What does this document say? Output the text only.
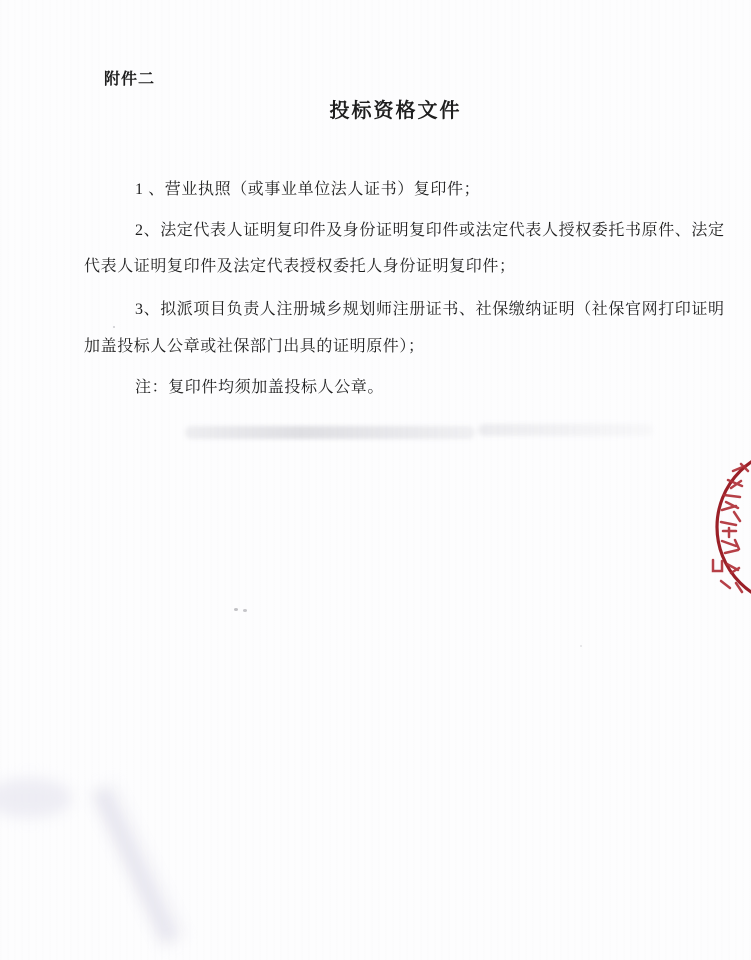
附件二
投标资格文件
1 、营业执照（或事业单位法人证书）复印件；
2、法定代表人证明复印件及身份证明复印件或法定代表人授权委托书原件、法定
代表人证明复印件及法定代表授权委托人身份证明复印件；
3、拟派项目负责人注册城乡规划师注册证书、社保缴纳证明（社保官网打印证明
加盖投标人公章或社保部门出具的证明原件）；
注：复印件均须加盖投标人公章。
